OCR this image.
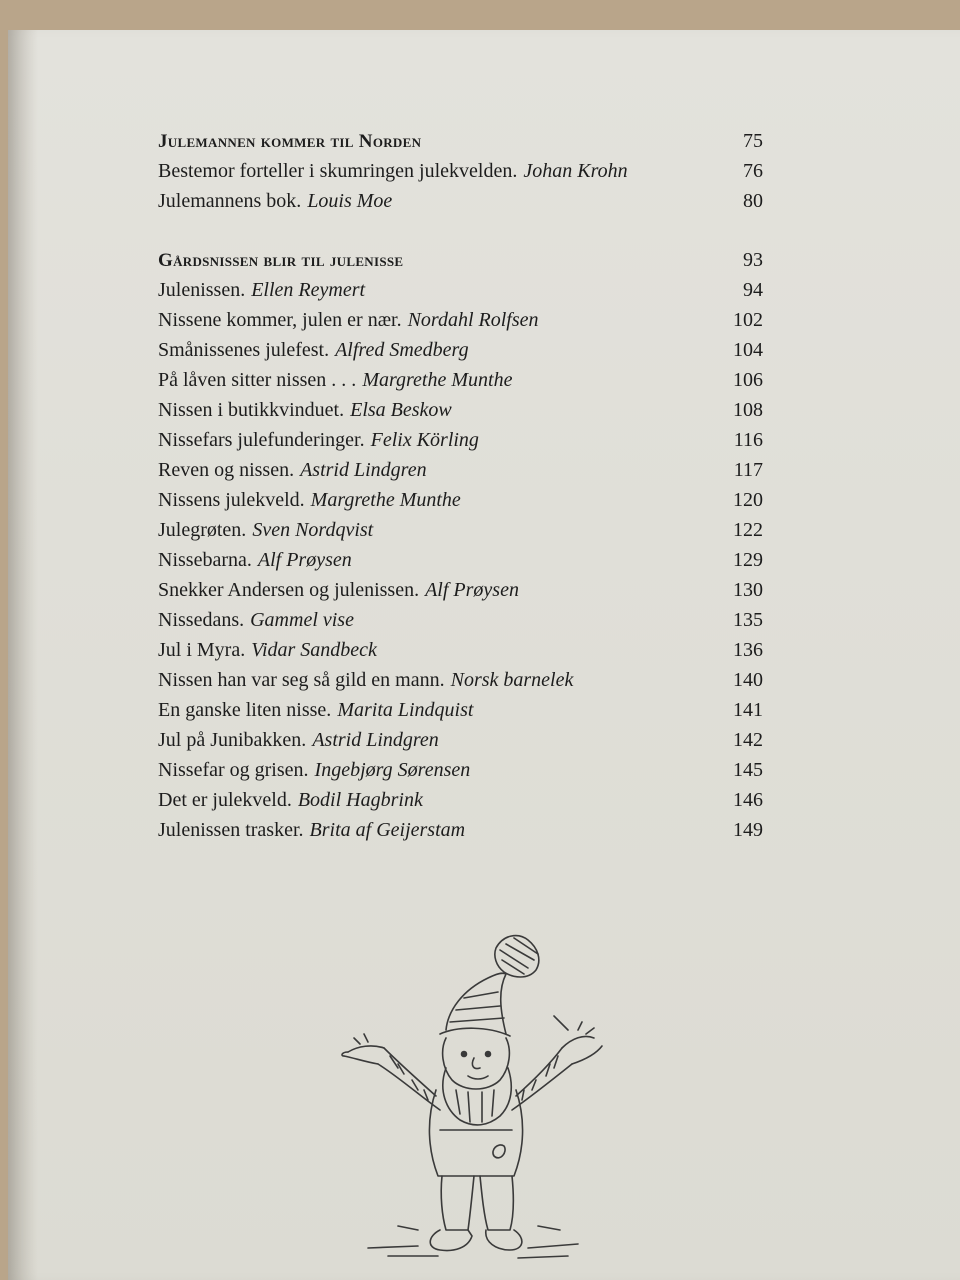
Julemannen kommer til Norden	75
Bestemor forteller i skumringen julekvelden. Johan Krohn	76
Julemannens bok. Louis Moe	80
Gårdsnissen blir til julenisse	93
Julenissen. Ellen Reymert	94
Nissene kommer, julen er nær. Nordahl Rolfsen	102
Smånissenes julefest. Alfred Smedberg	104
På låven sitter nissen . . . Margrethe Munthe	106
Nissen i butikkvinduet. Elsa Beskow	108
Nissefars julefunderinger. Felix Körling	116
Reven og nissen. Astrid Lindgren	117
Nissens julekveld. Margrethe Munthe	120
Julegrøten. Sven Nordqvist	122
Nissebarna. Alf Prøysen	129
Snekker Andersen og julenissen. Alf Prøysen	130
Nissedans. Gammel vise	135
Jul i Myra. Vidar Sandbeck	136
Nissen han var seg så gild en mann. Norsk barnelek	140
En ganske liten nisse. Marita Lindquist	141
Jul på Junibakken. Astrid Lindgren	142
Nissefar og grisen. Ingebjørg Sørensen	145
Det er julekveld. Bodil Hagbrink	146
Julenissen trasker. Brita af Geijerstam	149
